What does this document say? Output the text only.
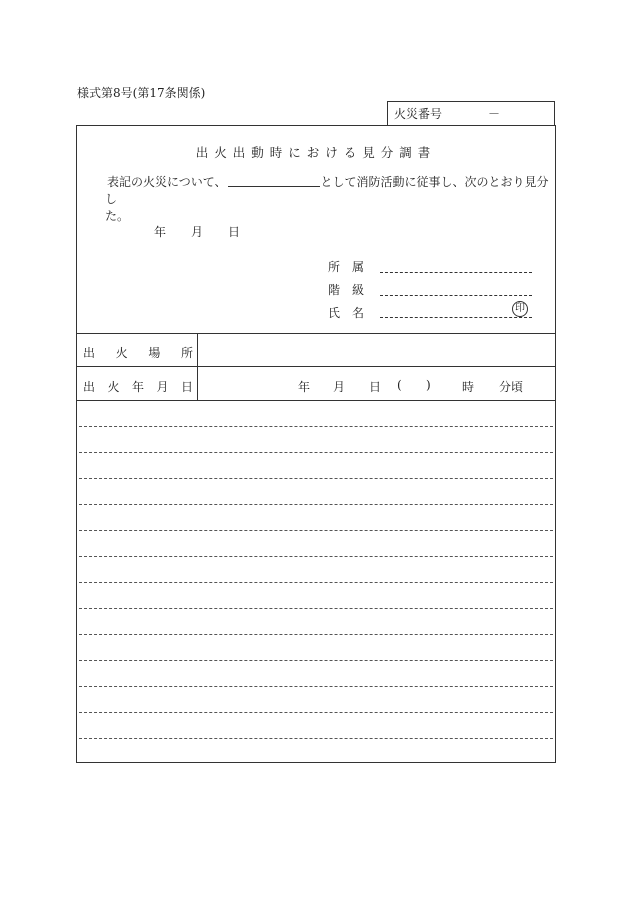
様式第8号(第17条関係)
火災番号	－
出火出動時における見分調書
表記の火災について、	として消防活動に従事し、次のとおり見分し
た。
年 月 日
所　属
階　級
氏　名	印
出 火 場 所
出 火 年 月 日	年 月 日 ( )	時 分頃
